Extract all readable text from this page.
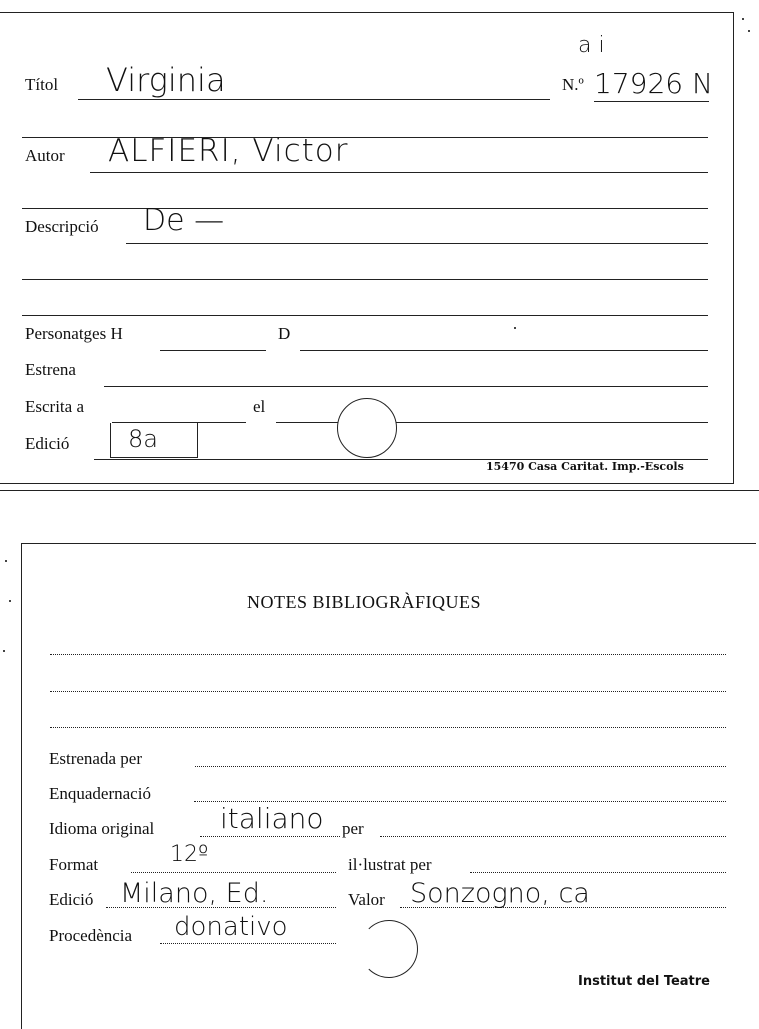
Títol Virginia
a i
N.º 17926 N
Autor ALFIERI, Victor
Descripció De —
Personatges H	D
Estrena
Escrita a	el
Edició 8a
15470 Casa Caritat. Imp.-Escols
NOTES BIBLIOGRÀFIQUES
Estrenada per
Enquadernació
Idioma original italiano per
Format	12º	il·lustrat per
Edició Milano, Ed.	Valor Sonzogno, ca
Procedència donativo
Institut del Teatre
